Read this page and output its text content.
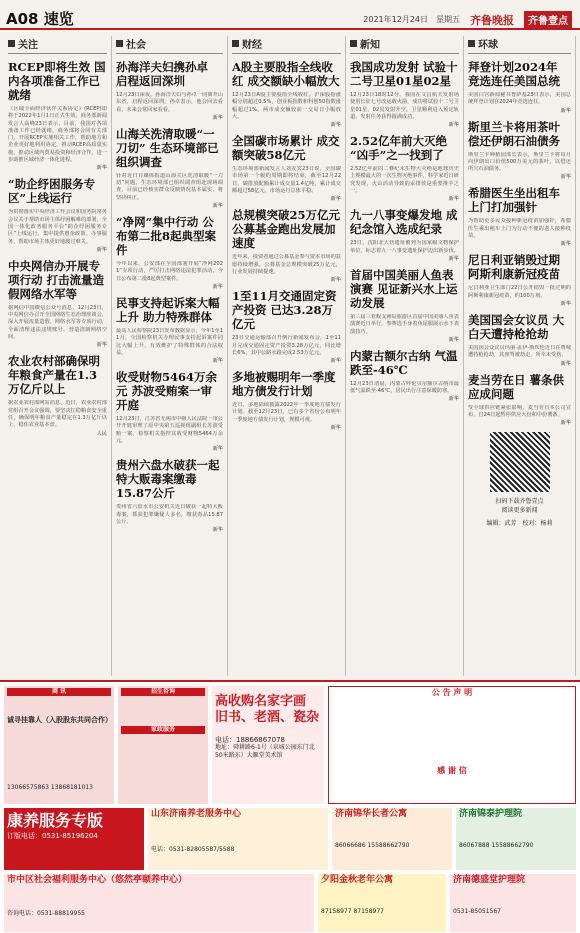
A08 速览	2021年12月24日　星期五 齐鲁晚报	齐鲁壹点
关注
RCEP即将生效 国内各项准备工作已就绪
《区域全面经济伙伴关系协定》(RCEP)即将于2022年1月1日正式生效。商务部新闻发言人高峰23日表示，目前，我国对各项准备工作已经就绪。商务部将会同有关部门，开展RCEP实施相关工作，帮助地方和企业更好地利用协定，推动RCEP高质量实施，推动区域内贸易投资和经济合作，进一步助推区域经济一体化进程。
新华
“助企纾困服务专区”上线运行
为贯彻落实中央经济工作会议和国务院常务会议关于帮助市场主体纾困解难的部署，全国一体化政务服务平台“助企纾困服务专区”上线运行，集中提供惠企政策、办事服务，帮助市场主体更好地渡过难关。
新华
中央网信办开展专项行动 打击流量造假网络水军等
据网信中国微信公众号消息，12月23日，中央网信办召开全国网络生态治理座谈会，深入开展流量造假、网络水军等专项行动，全面清理违法违规账号，营造清朗网络空间。
新华
农业农村部确保明年粮食产量在1.3万亿斤以上
据农业农村部网站消息，近日，农业农村部党组召开会议强调，要坚决扛稳粮食安全重任，确保明年粮食产量稳定在1.3万亿斤以上，稳住农业基本盘。
人民
社会
孙海洋夫妇携孙卓 启程返回深圳
12月23日深夜，孙海洋夫妇与孙卓一同离开山东省，启程返回深圳。孙卓表示，他会回去看看，未来会常回家看看。
新华
山海关洗清取暖“一刀切” 生态环境部已组织调查
针对近日有媒体报道山海关区洗清取暖“一刀切”问题，生态环境部已组织调查组赴现场调查，目前已经核实群众反映情况基本属实，将坚决纠正。
新华
“净网”集中行动 公布第二批8起典型案件
今年以来，公安部在全国部署开展“净网2021”专项行动，严厉打击网络违法犯罪活动，今日公布第二批8起典型案件。
新华
民事支持起诉案大幅上升 助力特殊群体
最高人民检察院23日发布数据显示，今年1至11月，全国检察机关办理民事支持起诉案件同比大幅上升，有效维护了特殊群体的合法权益。
新华
收受财物5464万余元 苏波受贿案一审开庭
12月23日，江苏省无锡市中级人民法院一审公开开庭审理了原中央第五巡视组副组长苏波受贿一案。检察机关指控其收受财物5464万余元。
新华
贵州六盘水破获一起 特大贩毒案缴毒15.87公斤
贵州省六盘水市公安机关近日破获一起特大贩毒案，抓获犯罪嫌疑人多名，缴获毒品15.87公斤。
新华
财经
A股主要股指全线收红 成交额缺小幅放大
12月23日A股主要股指全线收红。沪深股指涨幅分别超过0.5%，创业板指数和科创50指数涨幅超过1%。两市成交额较前一交易日小幅放大。
新华
全国碳市场累计 成交额突破58亿元
生态环境部新闻发言人刘友宾23日说，全国碳市场第一个履约周期即将结束，截至12月22日，碳排放配额累计成交量1.4亿吨，累计成交额超过58亿元，市场运行总体平稳。
新华
总规模突破25万亿元 公募基金跑出发展加速度
近年来，投资者通过公募基金参与资本市场的意愿持续增强，公募基金总规模突破25万亿元，行业发展持续提速。
新华
1至11月交通固定资产投资 已达3.28万亿元
23日交通运输部召开例行新闻发布会，1至11月完成交通固定资产投资3.28万亿元，同比增长6%，其中公路水路完成2.53万亿元。
新华
多地被赐明年一季度 地方债发行计划
近日，多地陆续披露2022年一季度地方债发行计划。截至12月23日，已有多个省份公布明年一季度地方债发行计划，规模可观。
新华
新知
我国成功发射 试验十二号卫星01星02星
12月23日18时12分，我国在文昌航天发射场使用长征七号改运载火箭，成功将试验十二号卫星01星、02星发射升空，卫星顺利进入预定轨道，发射任务获得圆满成功。
新华
2.52亿年前大灭绝 “凶手”之一找到了
2.52亿年前的二叠纪末生物大灭绝是地球历史上规模最大的一次生物灭绝事件，科学家近日研究发现，火山活动导致的汞排放是重要推手之一。
新华
九一八事变爆发地 成纪念馆入选成纪录
23日，沈阳北大营遗址被列为国家级文物保护单位，标志着九一八事变遗址保护迈出新步伐。
新华
首届中国美丽人鱼表演赛 见证新兴水上运动发展
第三届三亚蜈支洲岛旅游区首届中国美丽人鱼表演赛近日举行，参赛选手身着鱼尾服展示水下表演技巧。
新华
内蒙古额尔古纳 气温跌至-46℃
12月23日清晨，内蒙古呼伦贝尔额尔古纳市最低气温跌至-46℃，居民出行注意保暖防寒。
新华
环球
拜登计划2024年 竞选连任美国总统
美国白宫新闻秘书普萨基23日表示，美国总统拜登计划在2024年竞选连任。
新华
斯里兰卡将用茶叶 偿还伊朗石油债务
斯里兰卡种植园部长表示，斯里兰卡将每月向伊朗出口价值500万美元的茶叶，以偿还所欠石油债务。
新华
希腊医生坐出租车 上门打加强针
为帮助更多民众接种新冠疫苗加强针，希腊医生乘出租车上门为行动不便的老人接种疫苗。
新华
尼日利亚销毁过期 阿斯利康新冠疫苗
尼日利亚卫生部门22日公开销毁一批过期的阿斯利康新冠疫苗，约100万剂。
新华
美国国会女议员 大白天遭持枪抢劫
美国国会众议员玛丽·盖伊·斯坎伦近日在费城遭持枪抢劫，其座驾被劫走，所幸未受伤。
新华
麦当劳在日 薯条供应成问题
受全球供应链紧张影响，麦当劳日本公司宣布，自24日起暂停供应大份和中份薯条。
新华
扫码下载齐鲁壹点
阅读更多新闻
编辑：武芳　校对：杨莉
商 讯
诚寻挂靠人（入股股东共同合作）
13066575863 13868181013
招生咨询
家政服务
高收购名家字画 旧书、老酒、瓷杂
电话：18866867078
地址：舜耕路6-1号（泉城公园东门北50米路东）大雁堂美术馆
公 告 声 明
感 谢 信
康养服务专版
订版电话：0531-85196204
山东济南养老服务中心
电话：0531-82805587/5588
济南锦华长者公寓
86066686 15588662790
济南锦泰护理院
86067888 15588662790
市中区社会福利服务中心（悠然亭颐养中心）
咨询电话：0531-88819955
夕阳金秋老年公寓
87158977 87158977
济南德盛堂护理院
0531-85051567
